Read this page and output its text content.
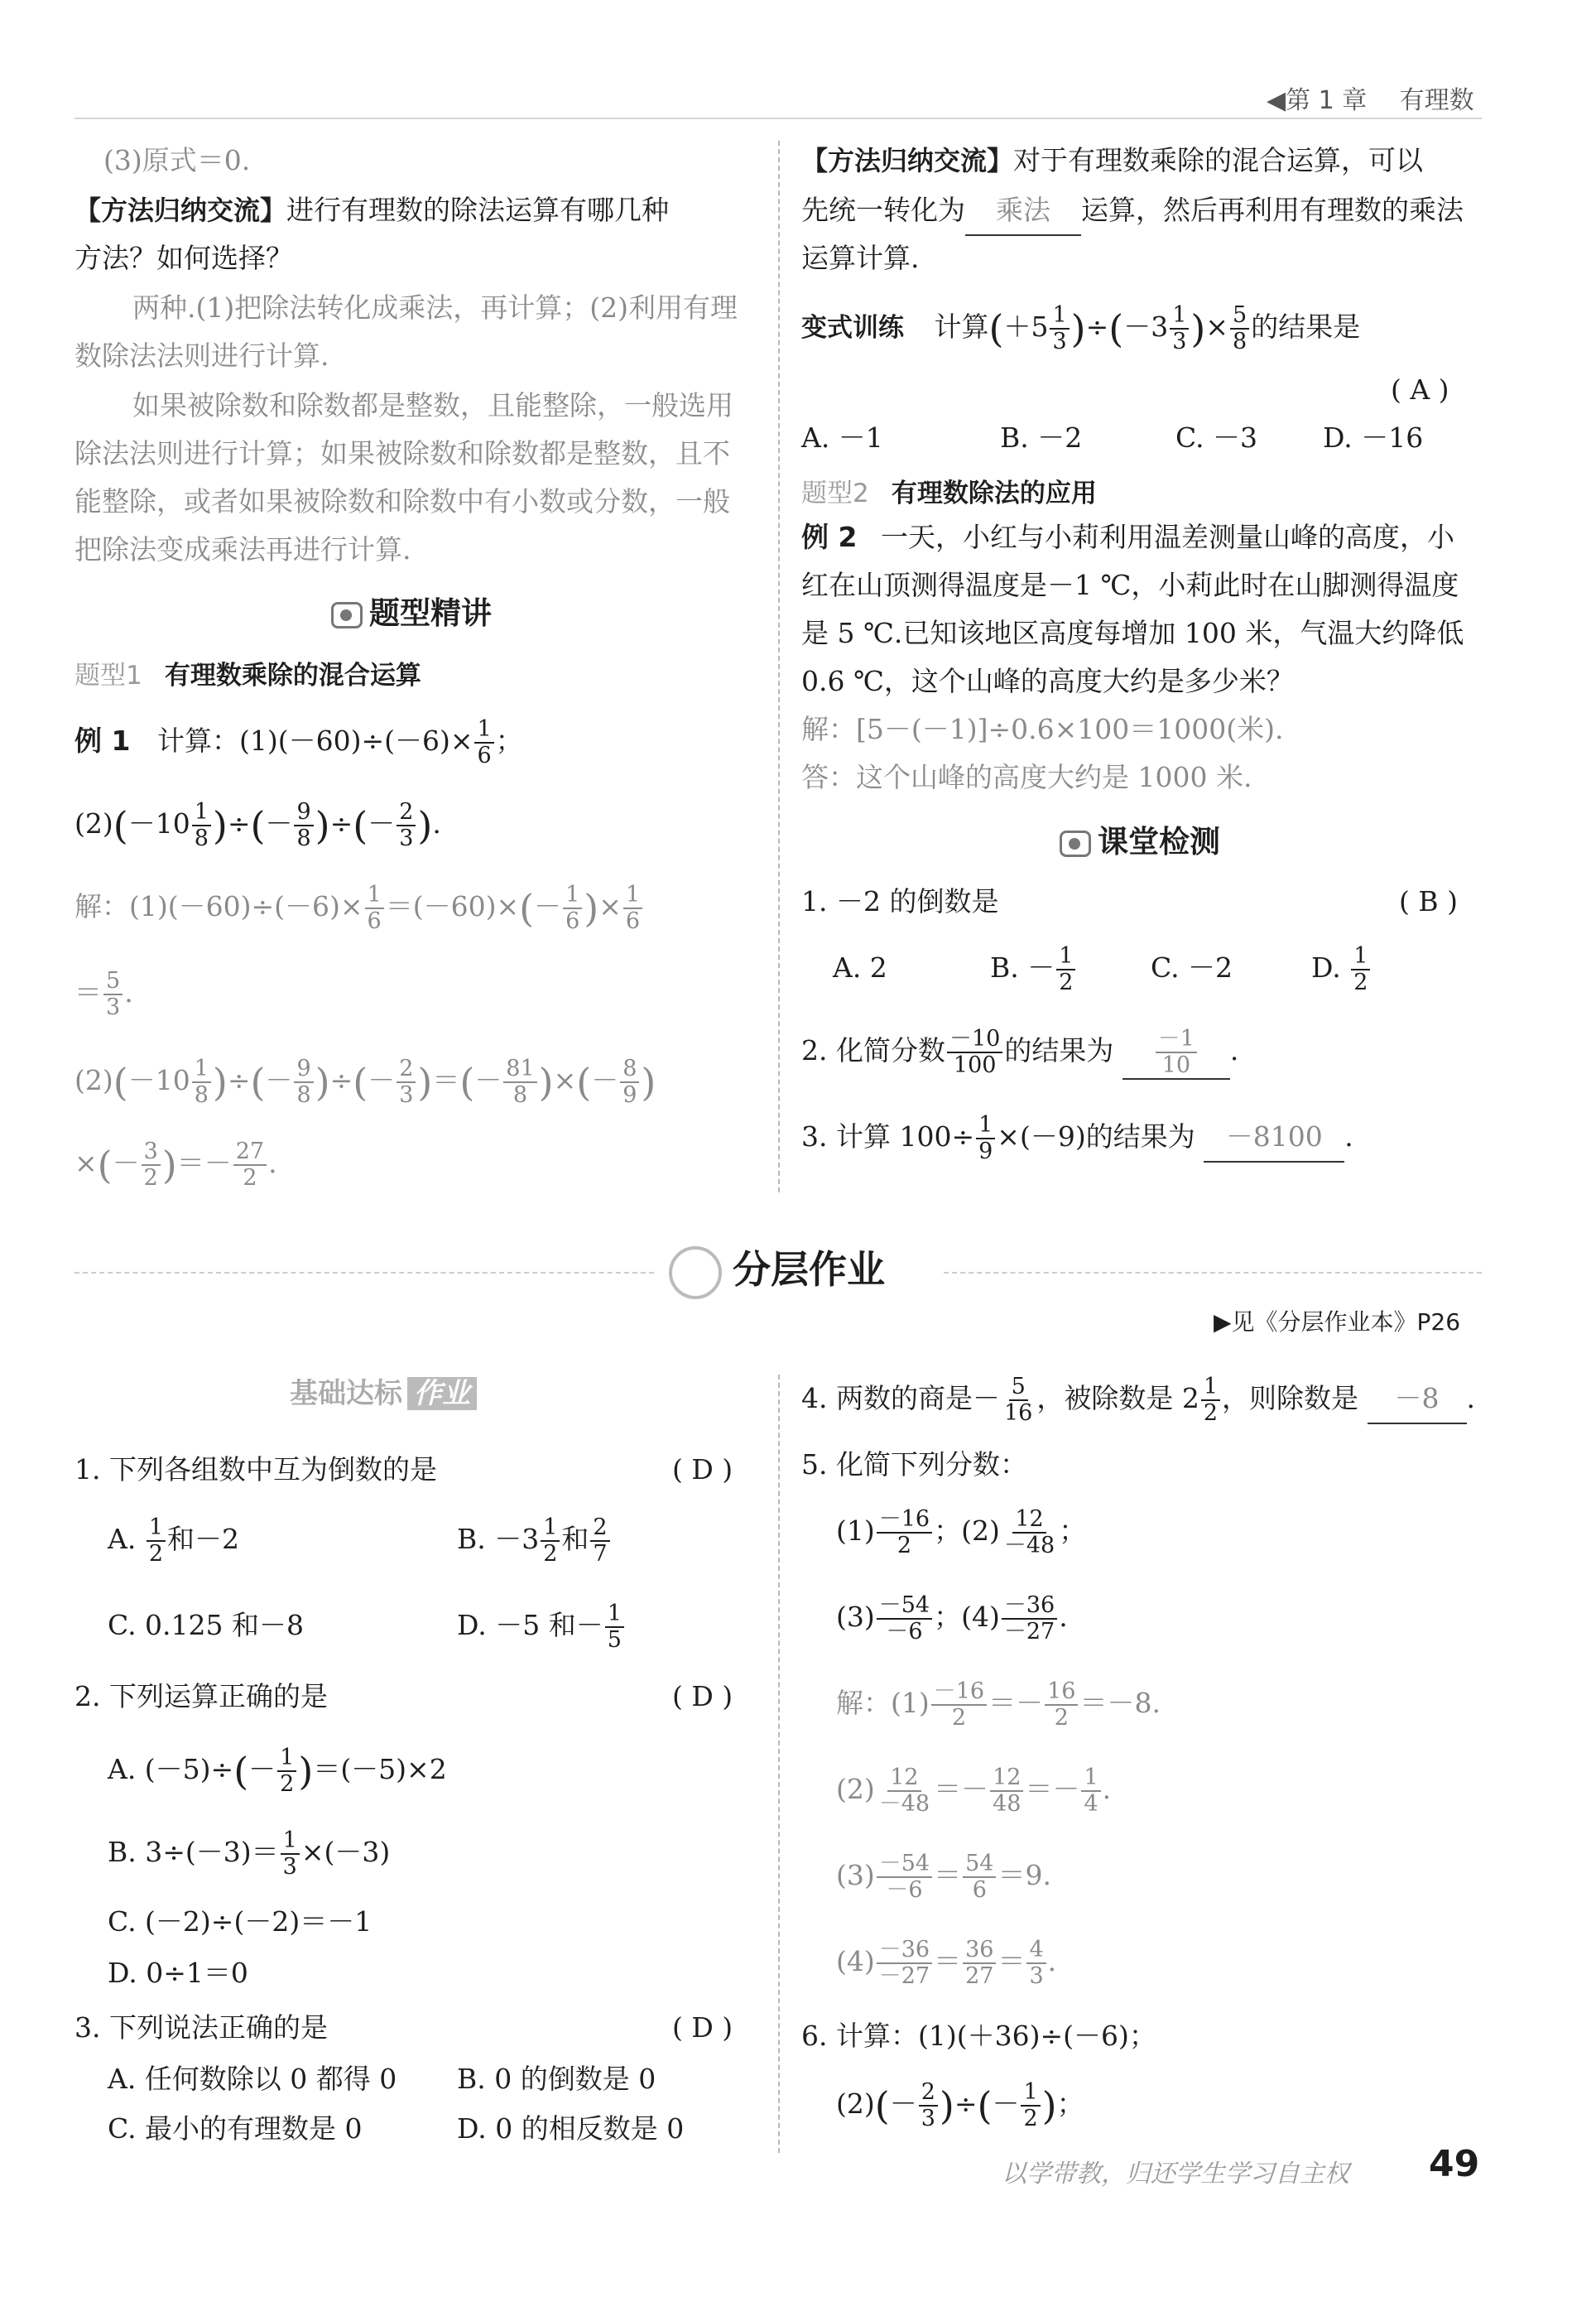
◀第 1 章 有理数
(3)原式＝0.
【方法归纳交流】进行有理数的除法运算有哪几种
方法？如何选择？
两种.(1)把除法转化成乘法，再计算；(2)利用有理
数除法法则进行计算.
如果被除数和除数都是整数，且能整除，一般选用
除法法则进行计算；如果被除数和除数都是整数，且不
能整除，或者如果被除数和除数中有小数或分数，一般
把除法变成乘法再进行计算.
题型精讲
题型1 有理数乘除的混合运算
例 1 计算：$(1)(-60)\div(-6)\times \frac{1}{6}$ ；
$(2)(-10 \frac{1}{8}$ )÷(－ $\frac{9}{8}$ )÷(－ $\frac{2}{3}$ ).
解：$(1)(-60)\div(-6)\times \frac{1}{6} =(-60)\times(- \frac{1}{6}$ )× $\frac{1}{6}$
＝ $\frac{5}{3}$ .
$(2)(-10 \frac{1}{8}$ )÷(－ $\frac{9}{8}$ )÷(－ $\frac{2}{3}$ )＝(－ $\frac{81}{8}$ )×(－ $\frac{8}{9}$ )
×(－ $\frac{3}{2}$ )＝－ $\frac{27}{2}$ .
【方法归纳交流】对于有理数乘除的混合运算，可以
先统一转化为 乘法 运算，然后再利用有理数的乘法
运算计算.
变式训练 计算$(+5 \frac{1}{3} )\div(-3 \frac{1}{3}$ )× $\frac{5}{8}$ 的结果是
( A )
A. －1	B. －2	C. －3 D. －16
题型2 有理数除法的应用
例 2 一天，小红与小莉利用温差测量山峰的高度，小
红在山顶测得温度是－1 ℃，小莉此时在山脚测得温度
是 5 ℃.已知该地区高度每增加 100 米，气温大约降低
0.6 ℃，这个山峰的高度大约是多少米？
解：[5－(－1)]÷0.6×100＝1000(米).
答：这个山峰的高度大约是 1000 米.
课堂检测
1. －2 的倒数是	( B )
A. 2	B. － $\frac{1}{2}$	C. －2	D. $\frac{1}{2}$
2. 化简分数 $\frac{-10}{100}$ 的结果为 $\frac{-1}{10}$ .
3. 计算 $100\div \frac{1}{9} \times(-9)$的结果为 －8100 .
分层作业
▶见《分层作业本》P26
基础达标 作业
1. 下列各组数中互为倒数的是	( D )
A. $\frac{1}{2}$ 和－2	B. $-3 \frac{1}{2}$ 和 $\frac{2}{7}$
C. 0.125 和－8	D. －5 和－ $\frac{1}{5}$
2. 下列运算正确的是	( D )
A. $(-5)\div(- \frac{1}{2} )=(-5)\times 2$
B. $3\div(-3)= \frac{1}{3} \times(-3)$
C. (－2)÷(－2)＝－1
D. 0÷1＝0
3. 下列说法正确的是	( D )
A. 任何数除以 0 都得 0 B. 0 的倒数是 0
C. 最小的有理数是 0	D. 0 的相反数是 0
4. 两数的商是－ $\frac{5}{16}$ ，被除数是 $2 \frac{1}{2}$ ，则除数是 －8 .
5. 化简下列分数：
$(1) \frac{-16}{2}$ ；$(2) \frac{12}{-48}$ ；
$(3) \frac{-54}{-6}$ ；$(4) \frac{-36}{-27}$ .
解：$(1) \frac{-16}{2} =- \frac{16}{2} =-8$.
$(2) \frac{12}{-48} =- \frac{12}{48} =- \frac{1}{4}$ .
$(3) \frac{-54}{-6} = \frac{54}{6} =9$.
$(4) \frac{-36}{-27} = \frac{36}{27} = \frac{4}{3}$ .
6. 计算：(1)(＋36)÷(－6)；
$(2)(- \frac{2}{3}$ )÷(－ $\frac{1}{2}$ )；
以学带教，归还学生学习自主权 49
